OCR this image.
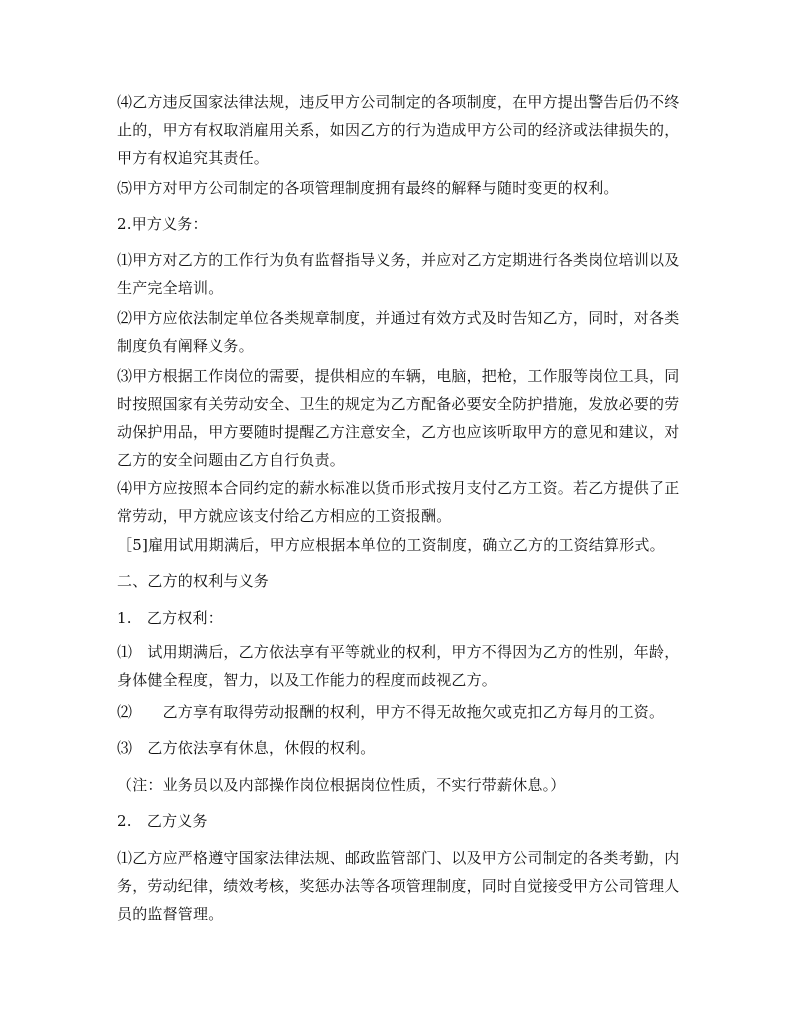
⑷乙方违反国家法律法规，违反甲方公司制定的各项制度，在甲方提出警告后仍不终止的，甲方有权取消雇用关系，如因乙方的行为造成甲方公司的经济或法律损失的，甲方有权追究其责任。

⑸甲方对甲方公司制定的各项管理制度拥有最终的解释与随时变更的权利。

2.甲方义务：

⑴甲方对乙方的工作行为负有监督指导义务，并应对乙方定期进行各类岗位培训以及生产完全培训。

⑵甲方应依法制定单位各类规章制度，并通过有效方式及时告知乙方，同时，对各类制度负有阐释义务。

⑶甲方根据工作岗位的需要，提供相应的车辆，电脑，把枪，工作服等岗位工具，同时按照国家有关劳动安全、卫生的规定为乙方配备必要安全防护措施，发放必要的劳动保护用品，甲方要随时提醒乙方注意安全，乙方也应该听取甲方的意见和建议，对乙方的安全问题由乙方自行负责。

⑷甲方应按照本合同约定的薪水标准以货币形式按月支付乙方工资。若乙方提供了正常劳动，甲方就应该支付给乙方相应的工资报酬。

［5]雇用试用期满后，甲方应根据本单位的工资制度，确立乙方的工资结算形式。

二、乙方的权利与义务

1.　乙方权利：

⑴　试用期满后，乙方依法享有平等就业的权利，甲方不得因为乙方的性别，年龄，身体健全程度，智力，以及工作能力的程度而歧视乙方。

⑵　　乙方享有取得劳动报酬的权利，甲方不得无故拖欠或克扣乙方每月的工资。

⑶　乙方依法享有休息，休假的权利。

（注：业务员以及内部操作岗位根据岗位性质，不实行带薪休息。）

2.　乙方义务

⑴乙方应严格遵守国家法律法规、邮政监管部门、以及甲方公司制定的各类考勤，内务，劳动纪律，绩效考核，奖惩办法等各项管理制度，同时自觉接受甲方公司管理人员的监督管理。
